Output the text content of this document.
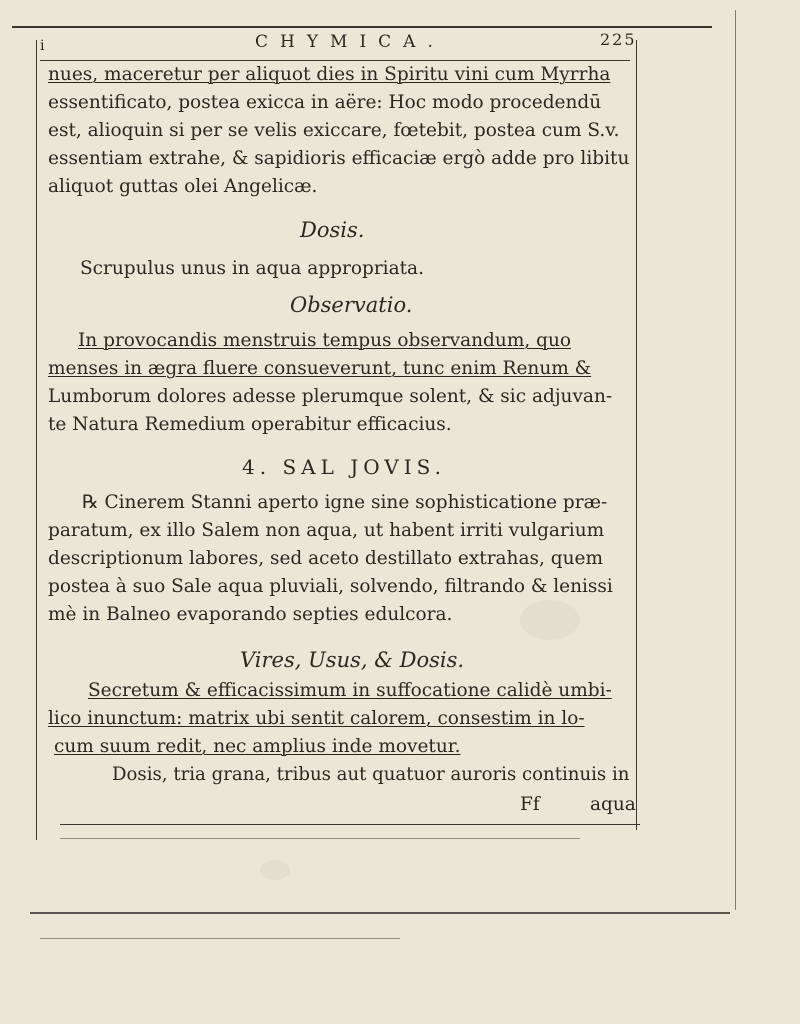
i	CHYMICA.	225
nues, maceretur per aliquot dies in Spiritu vini cum Myrrha
essentificato, postea exicca in aëre: Hoc modo procedendū
est, alioquin si per se velis exiccare, fœtebit, postea cum S.v.
essentiam extrahe, & sapidioris efficaciæ ergò adde pro libitu
aliquot guttas olei Angelicæ.
Dosis.
Scrupulus unus in aqua appropriata.
Observatio.
In provocandis menstruis tempus observandum, quo
menses in ægra fluere consueverunt, tunc enim Renum &
Lumborum dolores adesse plerumque solent, & sic adjuvan-
te Natura Remedium operabitur efficacius.
4. SAL JOVIS.
℞ Cinerem Stanni aperto igne sine sophisticatione præ-
paratum, ex illo Salem non aqua, ut habent irriti vulgarium
descriptionum labores, sed aceto destillato extrahas, quem
postea à suo Sale aqua pluviali, solvendo, filtrando & lenissi
mè in Balneo evaporando septies edulcora.
Vires, Usus, & Dosis.
Secretum & efficacissimum in suffocatione calidè umbi-
lico inunctum: matrix ubi sentit calorem, consestim in lo-
cum suum redit, nec amplius inde movetur.
Dosis, tria grana, tribus aut quatuor auroris continuis in
Ff	aqua
